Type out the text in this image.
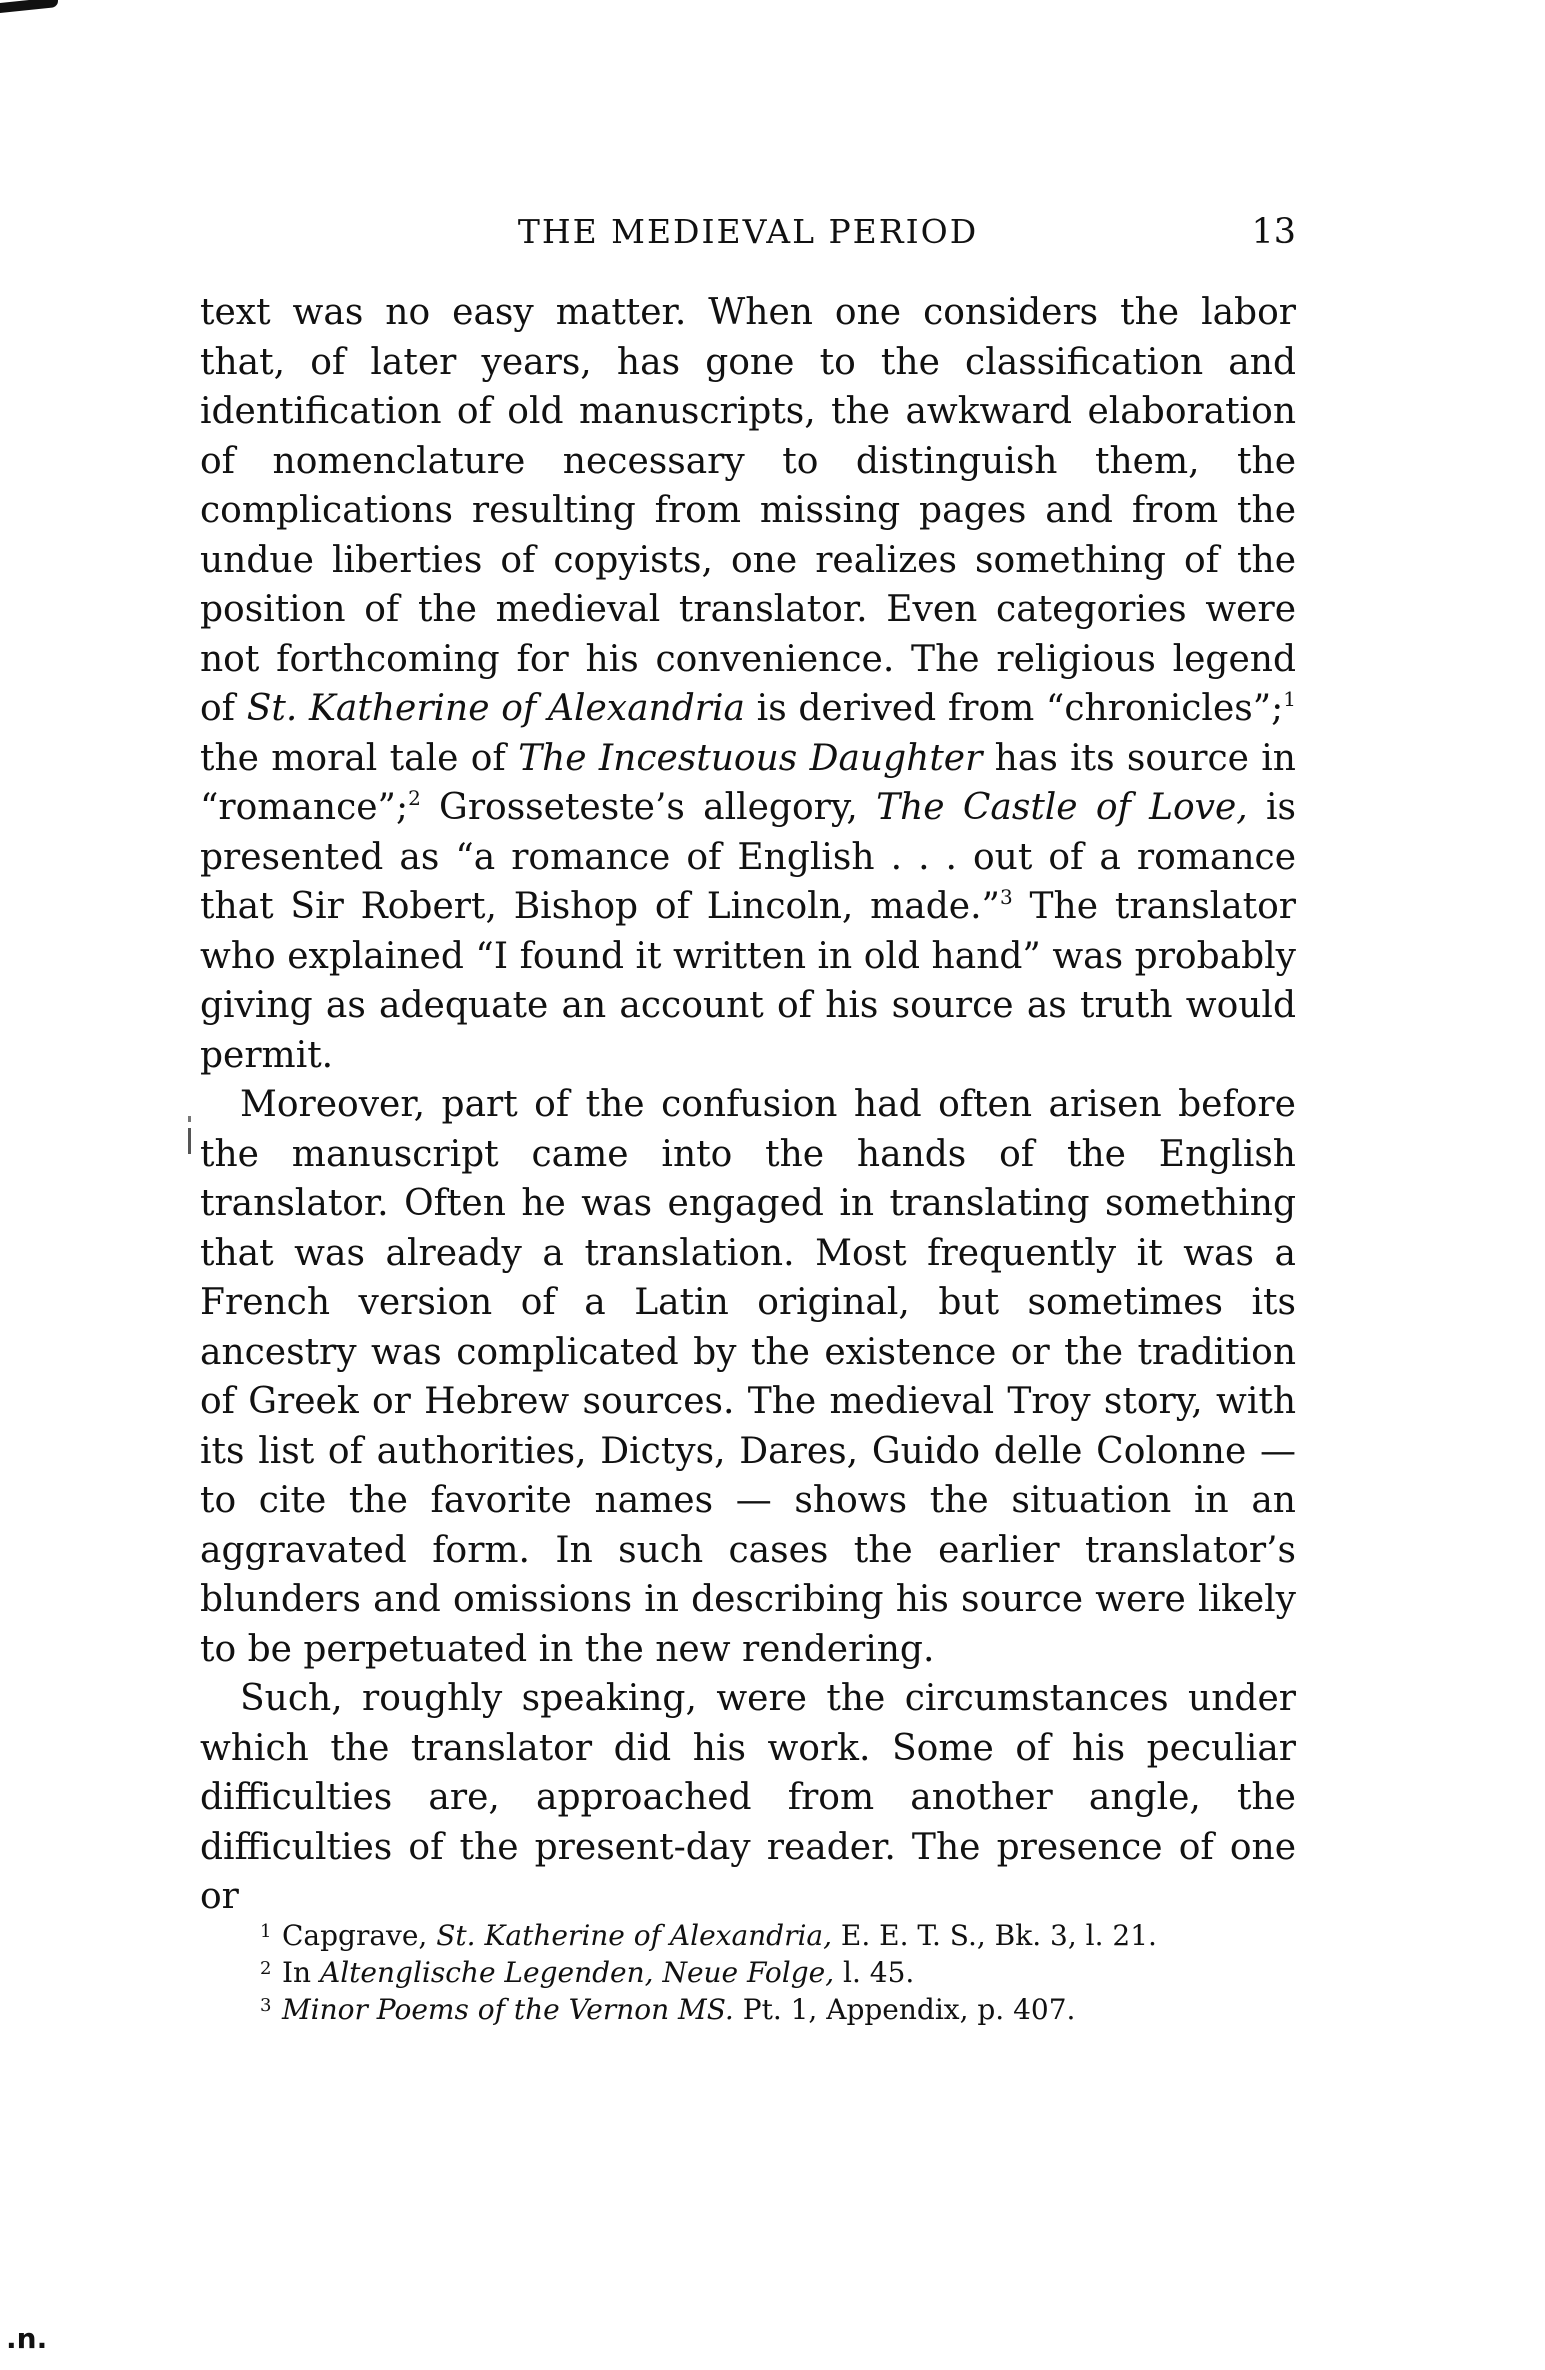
THE MEDIEVAL PERIOD	13

text was no easy matter. When one considers the labor that, of later years, has gone to the classification and identification of old manuscripts, the awkward elaboration of nomenclature necessary to distinguish them, the complications resulting from missing pages and from the undue liberties of copyists, one realizes something of the position of the medieval translator. Even categories were not forthcoming for his convenience. The religious legend of St. Katherine of Alexandria is derived from “chronicles”;$^1$ the moral tale of The Incestuous Daughter has its source in “romance”;$^2$ Grosseteste’s allegory, The Castle of Love, is presented as “a romance of English . . . out of a romance that Sir Robert, Bishop of Lincoln, made.”$^3$ The translator who explained “I found it written in old hand” was probably giving as adequate an account of his source as truth would permit.

Moreover, part of the confusion had often arisen before the manuscript came into the hands of the English translator. Often he was engaged in translating something that was already a translation. Most frequently it was a French version of a Latin original, but sometimes its ancestry was complicated by the existence or the tradition of Greek or Hebrew sources. The medieval Troy story, with its list of authorities, Dictys, Dares, Guido delle Colonne — to cite the favorite names — shows the situation in an aggravated form. In such cases the earlier translator’s blunders and omissions in describing his source were likely to be perpetuated in the new rendering.

Such, roughly speaking, were the circumstances under which the translator did his work. Some of his peculiar difficulties are, approached from another angle, the difficulties of the present-day reader. The presence of one or

1 Capgrave, St. Katherine of Alexandria, E. E. T. S., Bk. 3, l. 21.
2 In Altenglische Legenden, Neue Folge, l. 45.
3 Minor Poems of the Vernon MS. Pt. 1, Appendix, p. 407.
.n.
